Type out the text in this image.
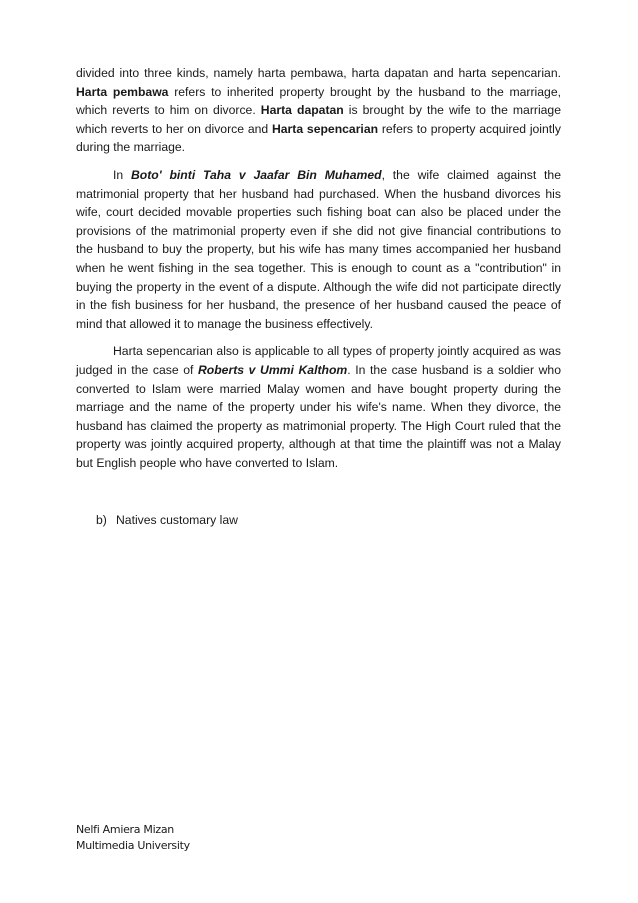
divided into three kinds, namely harta pembawa, harta dapatan and harta sepencarian. Harta pembawa refers to inherited property brought by the husband to the marriage, which reverts to him on divorce. Harta dapatan is brought by the wife to the marriage which reverts to her on divorce and Harta sepencarian refers to property acquired jointly during the marriage.

In Boto' binti Taha v Jaafar Bin Muhamed, the wife claimed against the matrimonial property that her husband had purchased. When the husband divorces his wife, court decided movable properties such fishing boat can also be placed under the provisions of the matrimonial property even if she did not give financial contributions to the husband to buy the property, but his wife has many times accompanied her husband when he went fishing in the sea together. This is enough to count as a "contribution" in buying the property in the event of a dispute. Although the wife did not participate directly in the fish business for her husband, the presence of her husband caused the peace of mind that allowed it to manage the business effectively.

Harta sepencarian also is applicable to all types of property jointly acquired as was judged in the case of Roberts v Ummi Kalthom. In the case husband is a soldier who converted to Islam were married Malay women and have bought property during the marriage and the name of the property under his wife's name. When they divorce, the husband has claimed the property as matrimonial property. The High Court ruled that the property was jointly acquired property, although at that time the plaintiff was not a Malay but English people who have converted to Islam.

b) Natives customary law
Nelfi Amiera Mizan
Multimedia University
